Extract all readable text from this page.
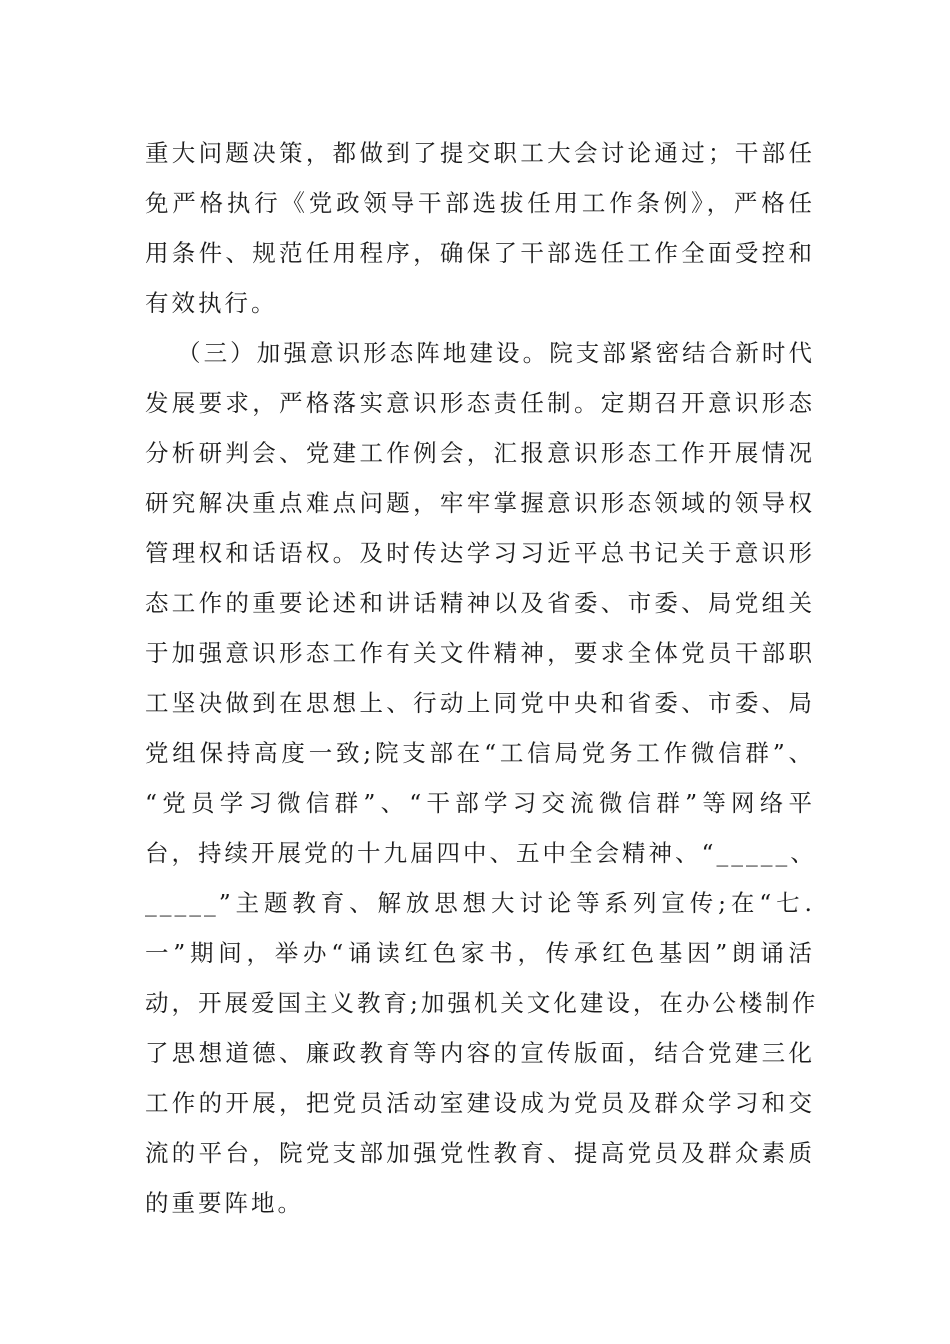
重大问题决策，都做到了提交职工大会讨论通过；干部任
免严格执行《党政领导干部选拔任用工作条例》，严格任
用条件、规范任用程序，确保了干部选任工作全面受控和
有效执行。
（三）加强意识形态阵地建设。院支部紧密结合新时代
发展要求，严格落实意识形态责任制。定期召开意识形态
分析研判会、党建工作例会，汇报意识形态工作开展情况
研究解决重点难点问题，牢牢掌握意识形态领域的领导权
管理权和话语权。及时传达学习习近平总书记关于意识形
态工作的重要论述和讲话精神以及省委、市委、局党组关
于加强意识形态工作有关文件精神，要求全体党员干部职
工坚决做到在思想上、行动上同党中央和省委、市委、局
党组保持高度一致;院支部在“工信局党务工作微信群”、
“党员学习微信群”、“干部学习交流微信群”等网络平
台，持续开展党的十九届四中、五中全会精神、“_____、
_____”主题教育、解放思想大讨论等系列宣传;在“七.
一”期间，举办“诵读红色家书，传承红色基因”朗诵活
动，开展爱国主义教育;加强机关文化建设，在办公楼制作
了思想道德、廉政教育等内容的宣传版面，结合党建三化
工作的开展，把党员活动室建设成为党员及群众学习和交
流的平台，院党支部加强党性教育、提高党员及群众素质
的重要阵地。
